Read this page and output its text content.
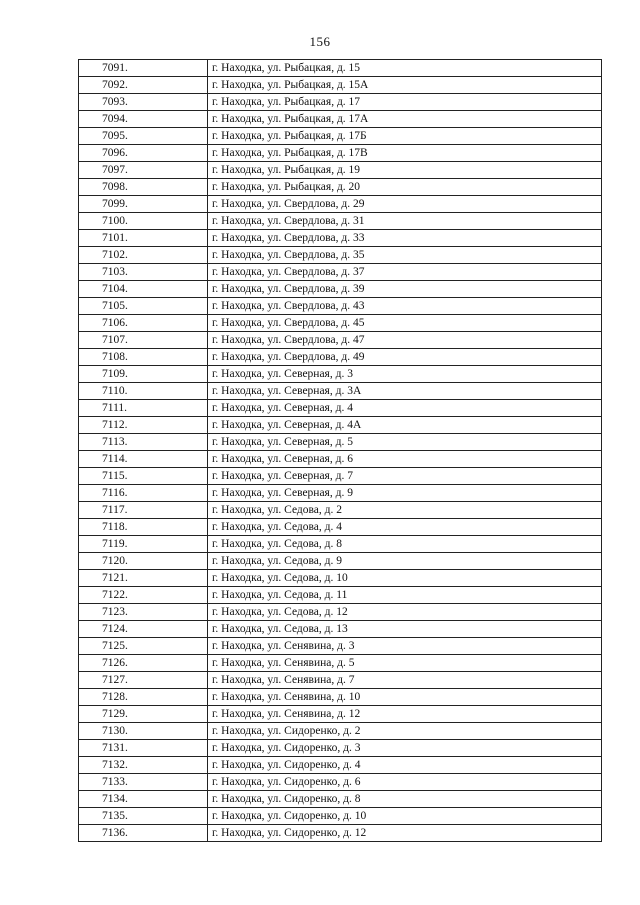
156
7091.	г. Находка, ул. Рыбацкая, д. 15
7092.	г. Находка, ул. Рыбацкая, д. 15А
7093.	г. Находка, ул. Рыбацкая, д. 17
7094.	г. Находка, ул. Рыбацкая, д. 17А
7095.	г. Находка, ул. Рыбацкая, д. 17Б
7096.	г. Находка, ул. Рыбацкая, д. 17В
7097.	г. Находка, ул. Рыбацкая, д. 19
7098.	г. Находка, ул. Рыбацкая, д. 20
7099.	г. Находка, ул. Свердлова, д. 29
7100.	г. Находка, ул. Свердлова, д. 31
7101.	г. Находка, ул. Свердлова, д. 33
7102.	г. Находка, ул. Свердлова, д. 35
7103.	г. Находка, ул. Свердлова, д. 37
7104.	г. Находка, ул. Свердлова, д. 39
7105.	г. Находка, ул. Свердлова, д. 43
7106.	г. Находка, ул. Свердлова, д. 45
7107.	г. Находка, ул. Свердлова, д. 47
7108.	г. Находка, ул. Свердлова, д. 49
7109.	г. Находка, ул. Северная, д. 3
7110.	г. Находка, ул. Северная, д. 3А
7111.	г. Находка, ул. Северная, д. 4
7112.	г. Находка, ул. Северная, д. 4А
7113.	г. Находка, ул. Северная, д. 5
7114.	г. Находка, ул. Северная, д. 6
7115.	г. Находка, ул. Северная, д. 7
7116.	г. Находка, ул. Северная, д. 9
7117.	г. Находка, ул. Седова, д. 2
7118.	г. Находка, ул. Седова, д. 4
7119.	г. Находка, ул. Седова, д. 8
7120.	г. Находка, ул. Седова, д. 9
7121.	г. Находка, ул. Седова, д. 10
7122.	г. Находка, ул. Седова, д. 11
7123.	г. Находка, ул. Седова, д. 12
7124.	г. Находка, ул. Седова, д. 13
7125.	г. Находка, ул. Сенявина, д. 3
7126.	г. Находка, ул. Сенявина, д. 5
7127.	г. Находка, ул. Сенявина, д. 7
7128.	г. Находка, ул. Сенявина, д. 10
7129.	г. Находка, ул. Сенявина, д. 12
7130.	г. Находка, ул. Сидоренко, д. 2
7131.	г. Находка, ул. Сидоренко, д. 3
7132.	г. Находка, ул. Сидоренко, д. 4
7133.	г. Находка, ул. Сидоренко, д. 6
7134.	г. Находка, ул. Сидоренко, д. 8
7135.	г. Находка, ул. Сидоренко, д. 10
7136.	г. Находка, ул. Сидоренко, д. 12
